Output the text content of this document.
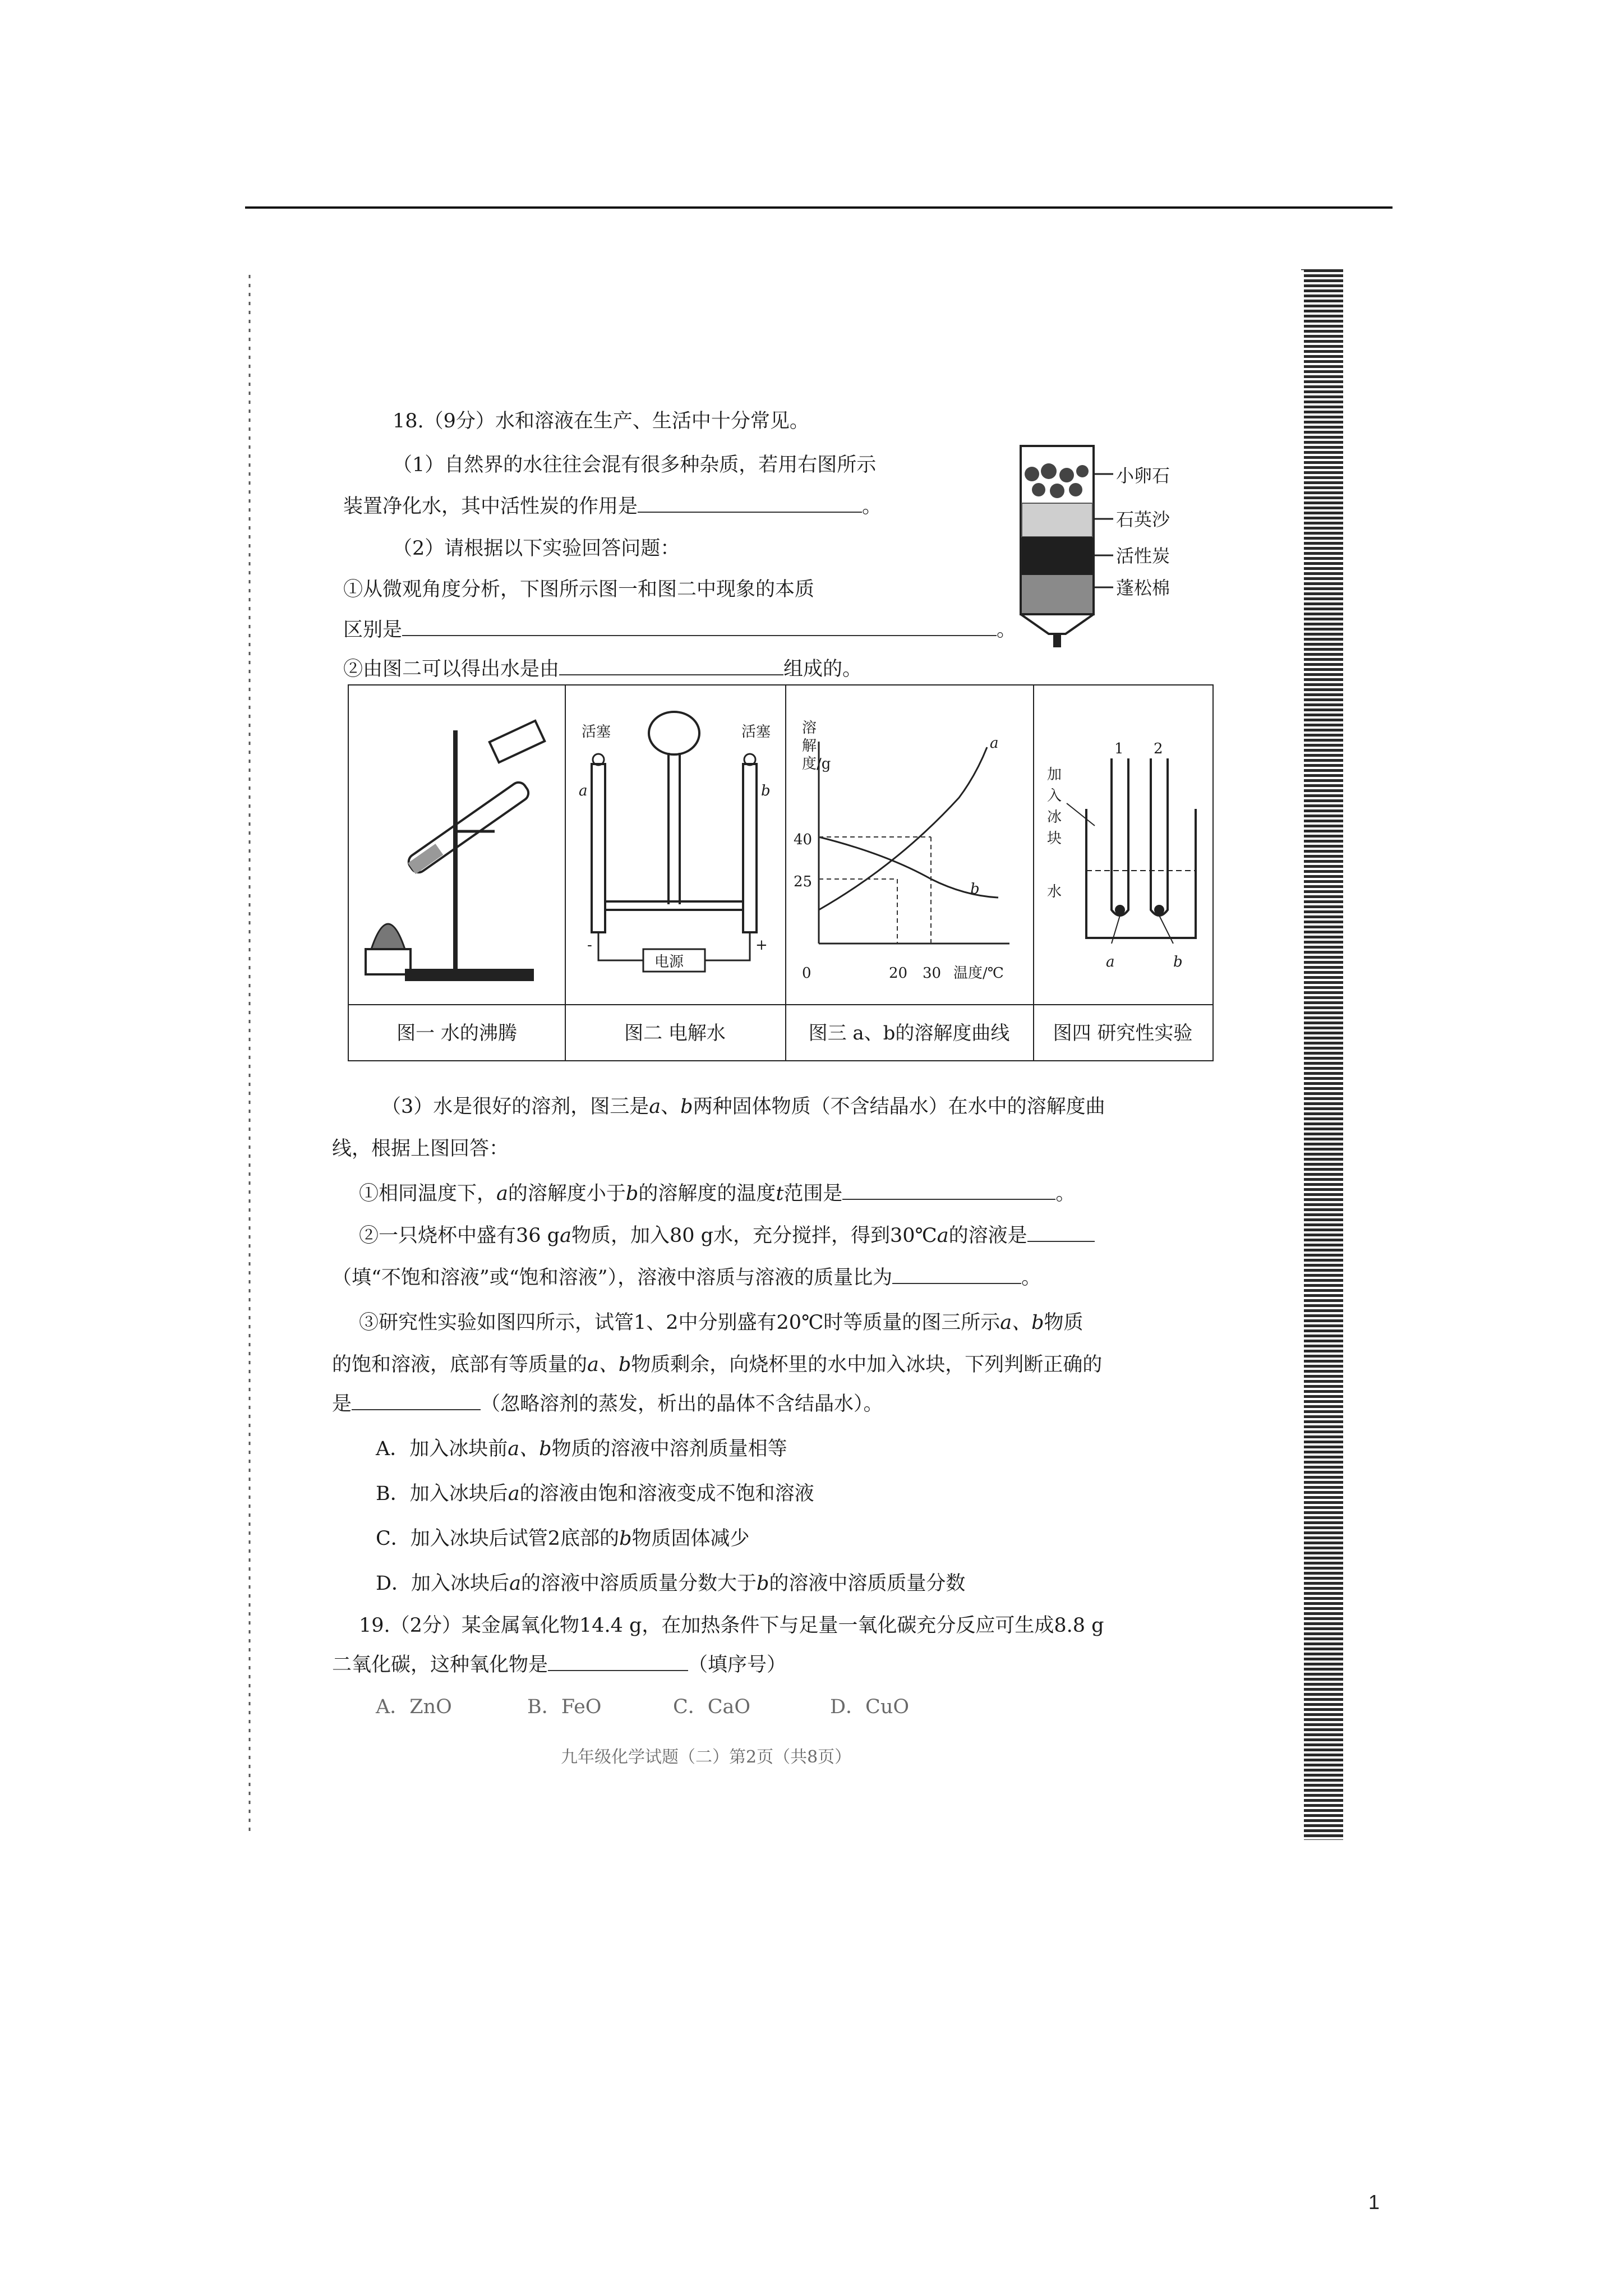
18.（9分）水和溶液在生产、生活中十分常见。
（1）自然界的水往往会混有很多种杂质，若用右图所示
装置净化水，其中活性炭的作用是	。
（2）请根据以下实验回答问题：
①从微观角度分析，下图所示图一和图二中现象的本质
区别是	。
②由图二可以得出水是由	组成的。
小卵石
石英沙
活性炭
蓬松棉
图一 水的沸腾
活塞	活塞
a	b
电源
-	+
图二 电解水
溶解度/g
40
25
0	20 30 温度/℃
a
b
图三 a、b的溶解度曲线
加入冰块
水
1 2
a	b
图四 研究性实验
（3）水是很好的溶剂，图三是a、b两种固体物质（不含结晶水）在水中的溶解度曲
线，根据上图回答：
①相同温度下，a的溶解度小于b的溶解度的温度t范围是	。
②一只烧杯中盛有36 ga物质，加入80 g水，充分搅拌，得到30℃a的溶液是
（填“不饱和溶液”或“饱和溶液”），溶液中溶质与溶液的质量比为	。
③研究性实验如图四所示，试管1、2中分别盛有20℃时等质量的图三所示a、b物质
的饱和溶液，底部有等质量的a、b物质剩余，向烧杯里的水中加入冰块，下列判断正确的
是	（忽略溶剂的蒸发，析出的晶体不含结晶水）。
A．加入冰块前a、b物质的溶液中溶剂质量相等
B．加入冰块后a的溶液由饱和溶液变成不饱和溶液
C．加入冰块后试管2底部的b物质固体减少
D．加入冰块后a的溶液中溶质质量分数大于b的溶液中溶质质量分数
19.（2分）某金属氧化物14.4 g，在加热条件下与足量一氧化碳充分反应可生成8.8 g
二氧化碳，这种氧化物是	（填序号）
A．ZnO	B．FeO	C．CaO	D．CuO
九年级化学试题（二）第2页（共8页）
1
